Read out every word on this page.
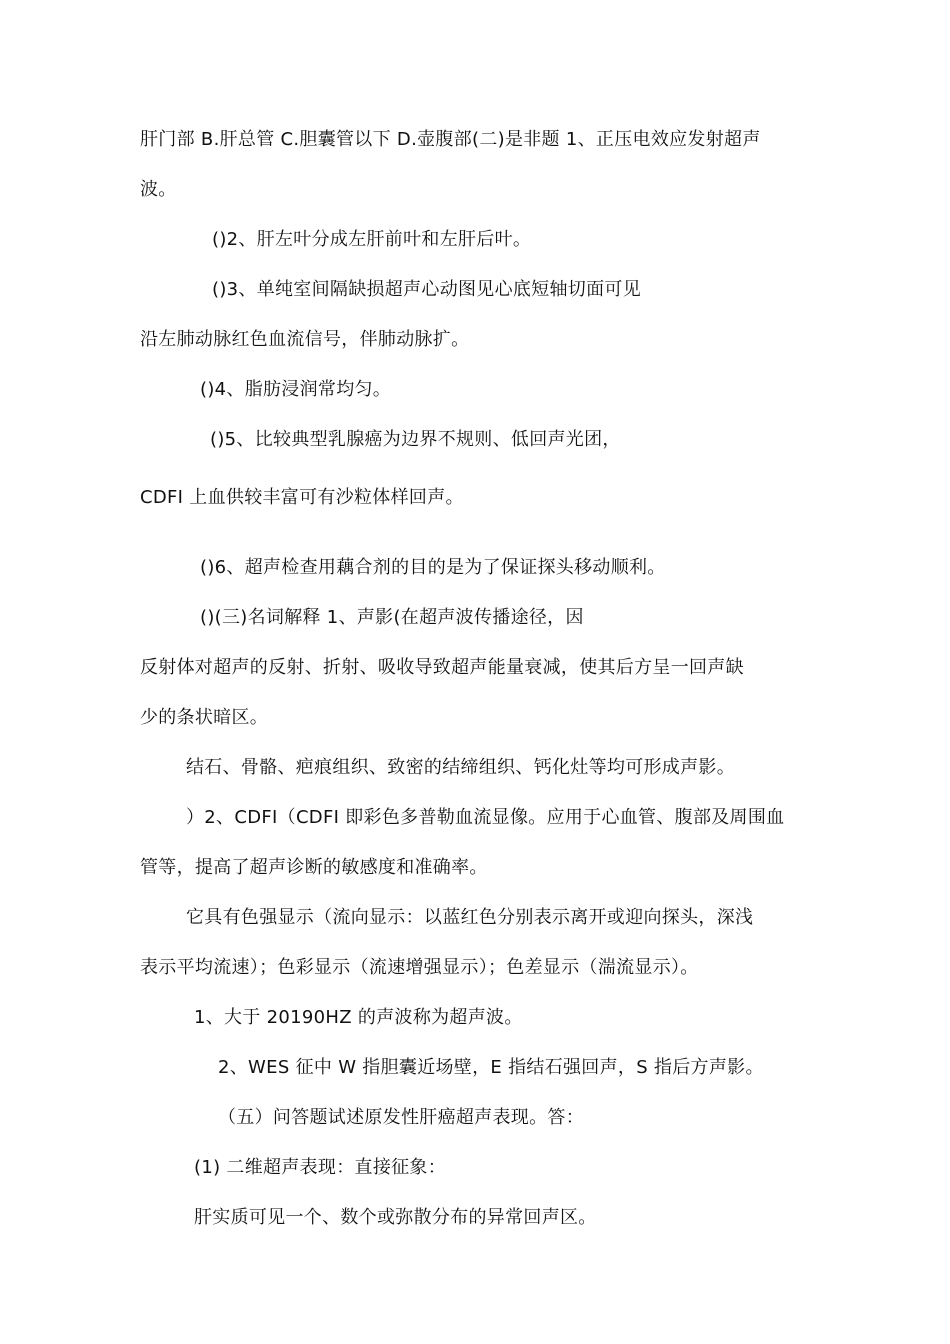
肝门部 B.肝总管 C.胆囊管以下 D.壶腹部(二)是非题 1、正压电效应发射超声
波。
()2、肝左叶分成左肝前叶和左肝后叶。
()3、单纯室间隔缺损超声心动图见心底短轴切面可见
沿左肺动脉红色血流信号，伴肺动脉扩。
()4、脂肪浸润常均匀。
()5、比较典型乳腺癌为边界不规则、低回声光团，
CDFI 上血供较丰富可有沙粒体样回声。
()6、超声检查用藕合剂的目的是为了保证探头移动顺利。
()(三)名词解释 1、声影(在超声波传播途径，因
反射体对超声的反射、折射、吸收导致超声能量衰减，使其后方呈一回声缺
少的条状暗区。
结石、骨骼、疤痕组织、致密的结缔组织、钙化灶等均可形成声影。
）2、CDFI（CDFI 即彩色多普勒血流显像。应用于心血管、腹部及周围血
管等，提高了超声诊断的敏感度和准确率。
它具有色强显示（流向显示：以蓝红色分别表示离开或迎向探头，深浅
表示平均流速）；色彩显示（流速增强显示）；色差显示（湍流显示）。
1、大于 20190HZ 的声波称为超声波。
2、WES 征中 W 指胆囊近场壁，E 指结石强回声，S 指后方声影。
（五）问答题试述原发性肝癌超声表现。答：
(1) 二维超声表现：直接征象：
肝实质可见一个、数个或弥散分布的异常回声区。
